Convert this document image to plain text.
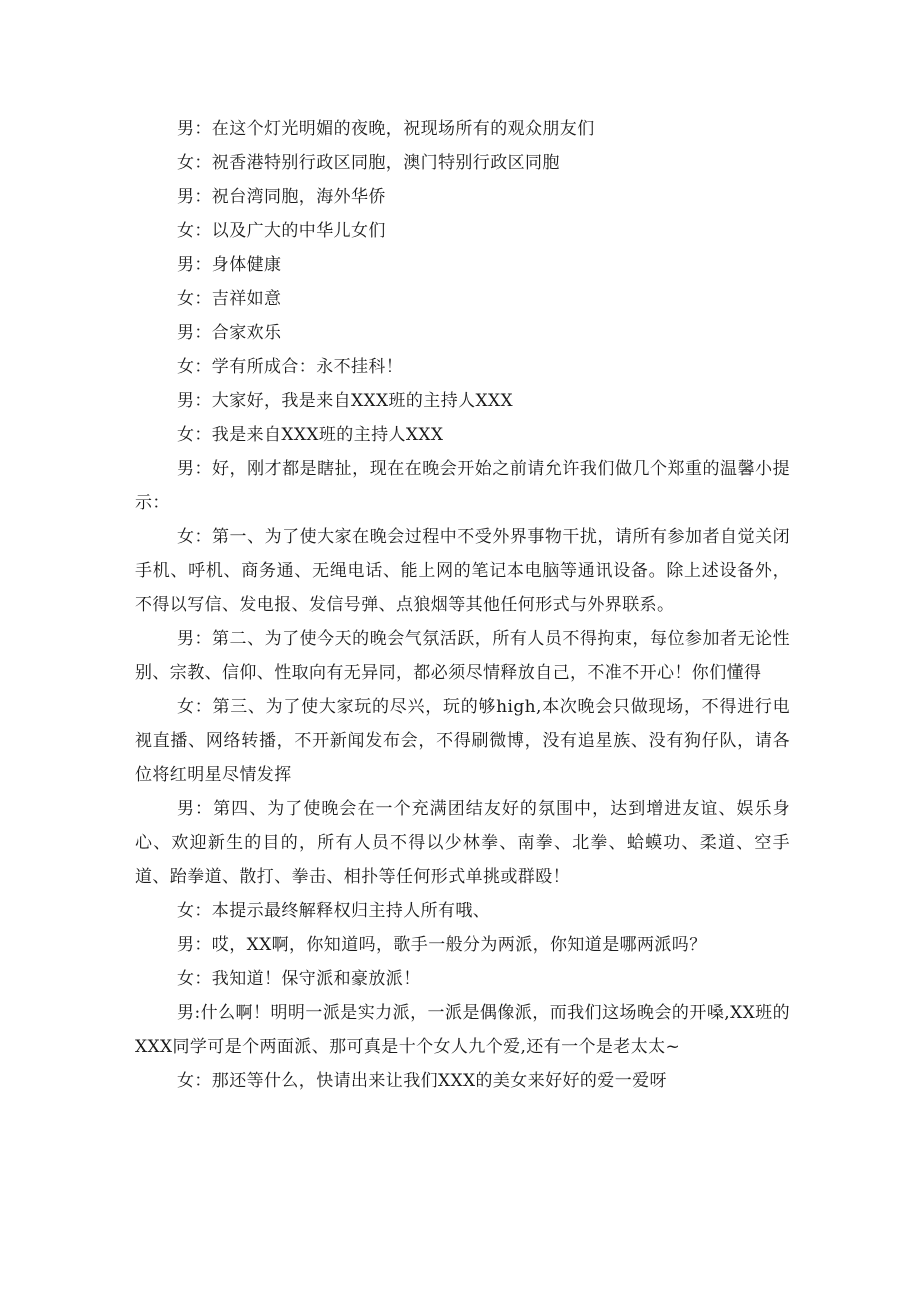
男：在这个灯光明媚的夜晚，祝现场所有的观众朋友们

女：祝香港特别行政区同胞，澳门特别行政区同胞

男：祝台湾同胞，海外华侨

女：以及广大的中华儿女们

男：身体健康

女：吉祥如意

男：合家欢乐

女：学有所成合：永不挂科！

男：大家好，我是来自XXX班的主持人XXX

女：我是来自XXX班的主持人XXX

男：好，刚才都是瞎扯，现在在晚会开始之前请允许我们做几个郑重的温馨小提示：

女：第一、为了使大家在晚会过程中不受外界事物干扰，请所有参加者自觉关闭手机、呼机、商务通、无绳电话、能上网的笔记本电脑等通讯设备。除上述设备外，不得以写信、发电报、发信号弹、点狼烟等其他任何形式与外界联系。

男：第二、为了使今天的晚会气氛活跃，所有人员不得拘束，每位参加者无论性别、宗教、信仰、性取向有无异同，都必须尽情释放自己，不准不开心！你们懂得

女：第三、为了使大家玩的尽兴，玩的够high,本次晚会只做现场，不得进行电视直播、网络转播，不开新闻发布会，不得刷微博，没有追星族、没有狗仔队，请各位将红明星尽情发挥

男：第四、为了使晚会在一个充满团结友好的氛围中，达到增进友谊、娱乐身心、欢迎新生的目的，所有人员不得以少林拳、南拳、北拳、蛤蟆功、柔道、空手道、跆拳道、散打、拳击、相扑等任何形式单挑或群殴！

女：本提示最终解释权归主持人所有哦、

男：哎，XX啊，你知道吗，歌手一般分为两派，你知道是哪两派吗？

女：我知道！保守派和豪放派！

男:什么啊！明明一派是实力派，一派是偶像派，而我们这场晚会的开嗓,XX班的XXX同学可是个两面派、那可真是十个女人九个爱,还有一个是老太太~

女：那还等什么，快请出来让我们XXX的美女来好好的爱一爱呀
